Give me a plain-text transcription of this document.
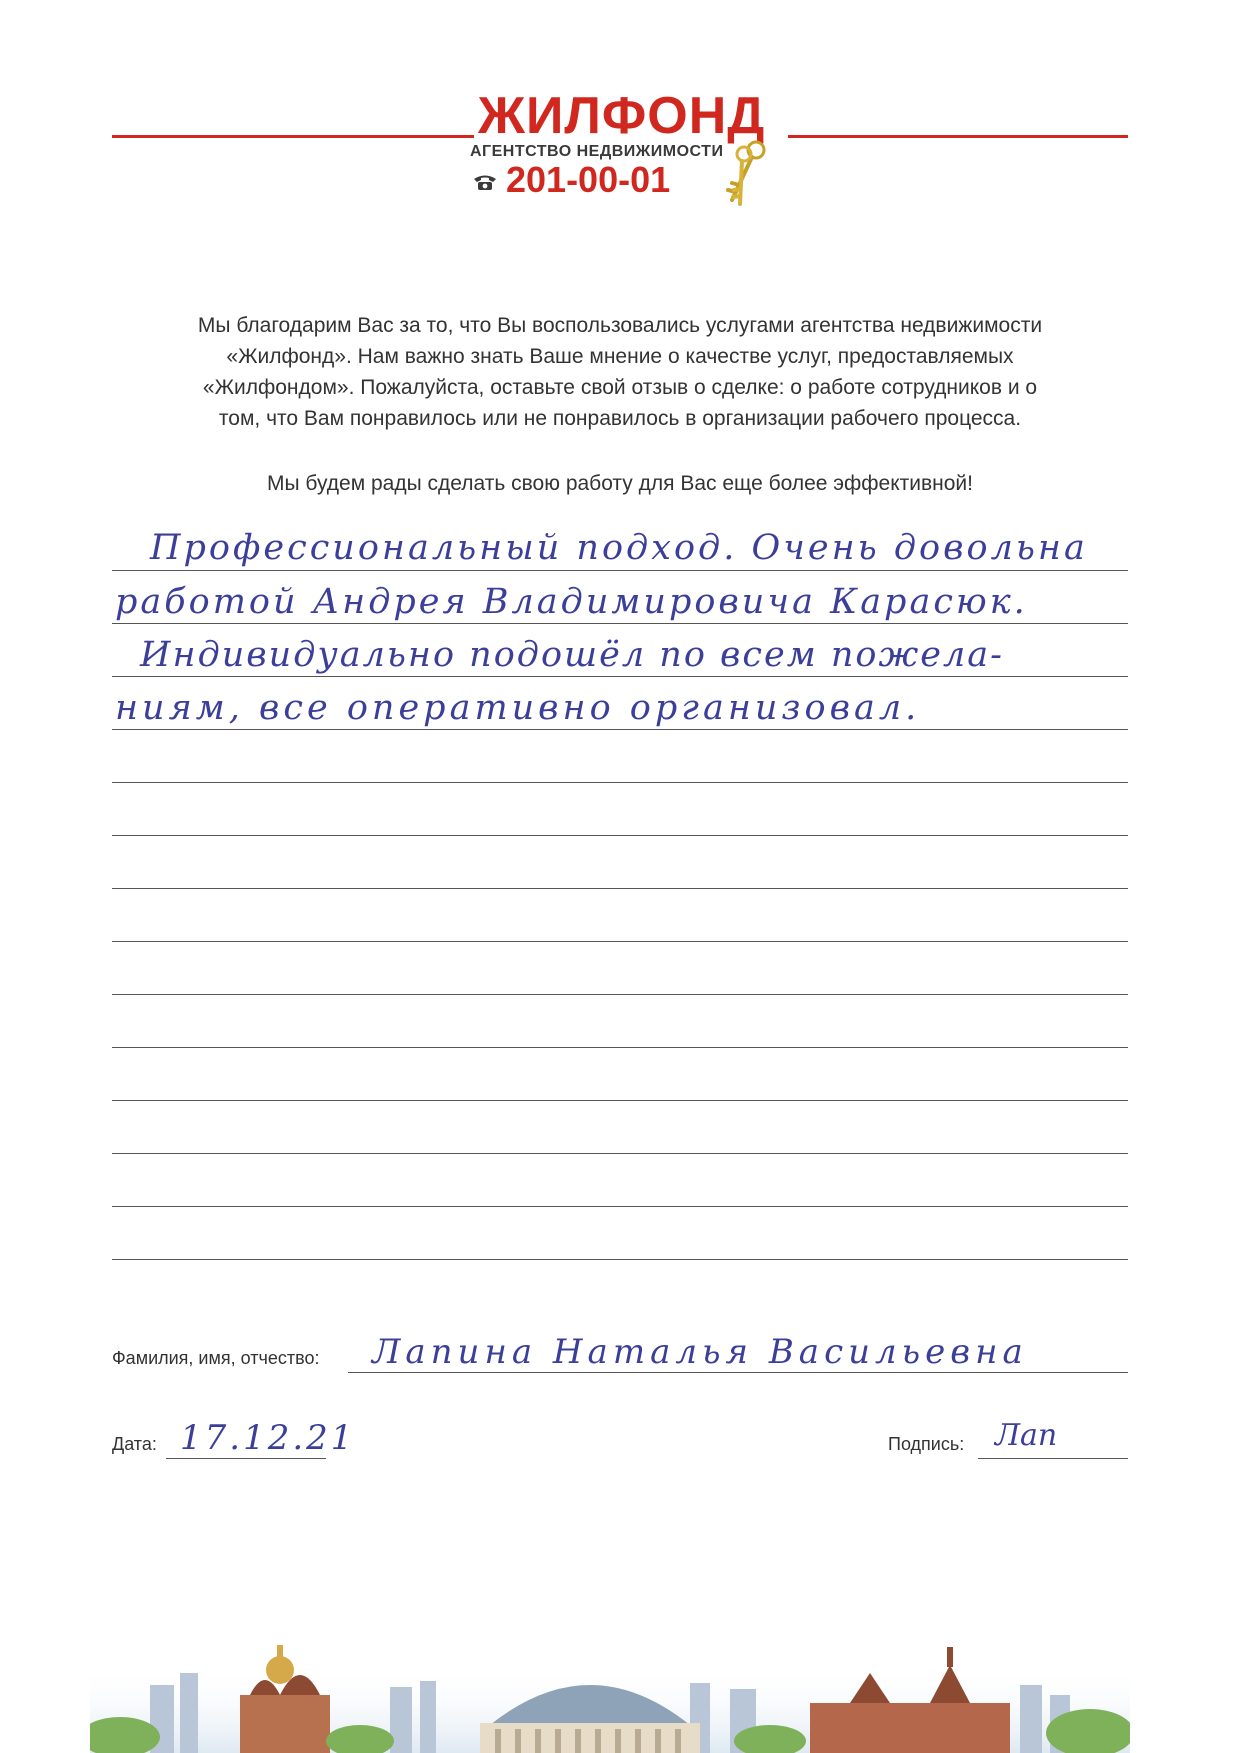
ЖИЛФОНД
АГЕНТСТВО НЕДВИЖИМОСТИ
201-00-01
Мы благодарим Вас за то, что Вы воспользовались услугами агентства недвижимости
«Жилфонд». Нам важно знать Ваше мнение о качестве услуг, предоставляемых
«Жилфондом». Пожалуйста, оставьте свой отзыв о сделке: о работе сотрудников и о
том, что Вам понравилось или не понравилось в организации рабочего процесса.
Мы будем рады сделать свою работу для Вас еще более эффективной!
Профессиональный подход. Очень довольна
работой Андрея Владимировича Карасюк.
Индивидуально подошёл по всем пожела-
ниям, все оперативно организовал.
Фамилия, имя, отчество: Лапина Наталья Васильевна
Дата: 17.12.21	Подпись: Лап
